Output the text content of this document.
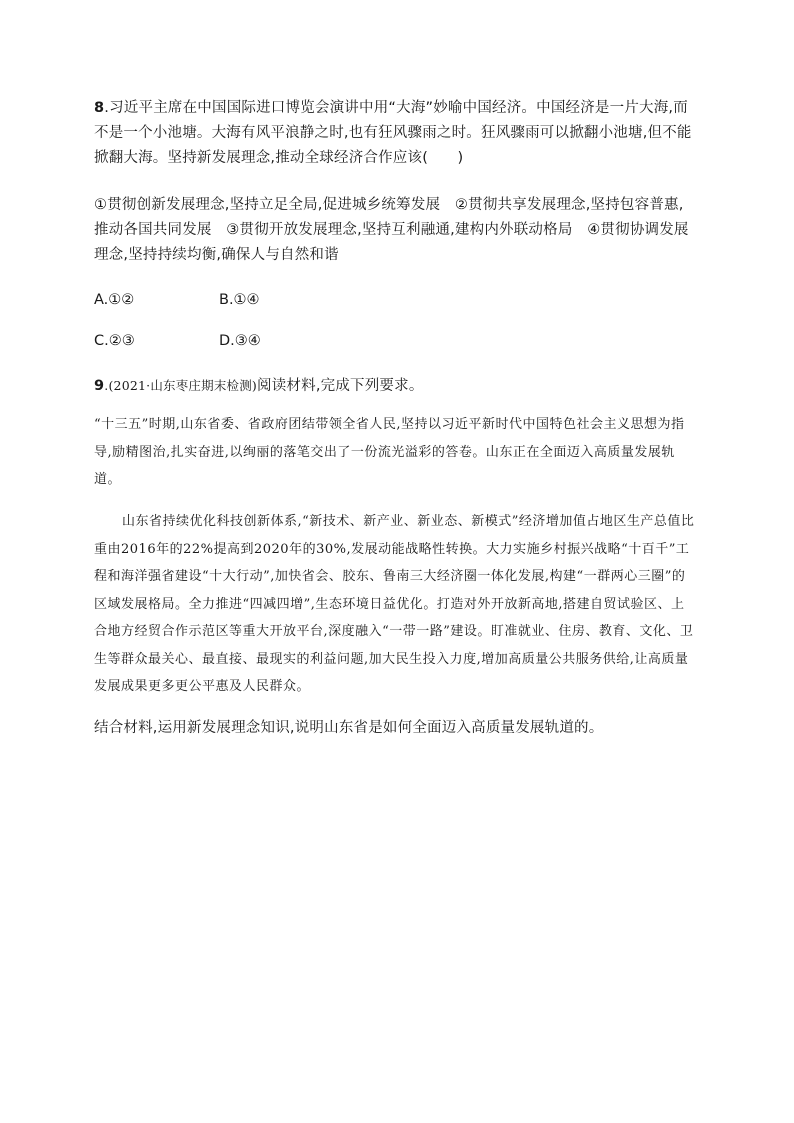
8.习近平主席在中国国际进口博览会演讲中用“大海”妙喻中国经济。中国经济是一片大海,而不是一个小池塘。大海有风平浪静之时,也有狂风骤雨之时。狂风骤雨可以掀翻小池塘,但不能掀翻大海。坚持新发展理念,推动全球经济合作应该(　　)
①贯彻创新发展理念,坚持立足全局,促进城乡统筹发展　②贯彻共享发展理念,坚持包容普惠,推动各国共同发展　③贯彻开放发展理念,坚持互利融通,建构内外联动格局　④贯彻协调发展理念,坚持持续均衡,确保人与自然和谐
A.①②	B.①④
C.②③	D.③④
9.(2021·山东枣庄期末检测)阅读材料,完成下列要求。
“十三五”时期,山东省委、省政府团结带领全省人民,坚持以习近平新时代中国特色社会主义思想为指导,励精图治,扎实奋进,以绚丽的落笔交出了一份流光溢彩的答卷。山东正在全面迈入高质量发展轨道。
山东省持续优化科技创新体系,“新技术、新产业、新业态、新模式”经济增加值占地区生产总值比重由2016年的22%提高到2020年的30%,发展动能战略性转换。大力实施乡村振兴战略“十百千”工程和海洋强省建设“十大行动”,加快省会、胶东、鲁南三大经济圈一体化发展,构建“一群两心三圈”的区域发展格局。全力推进“四减四增”,生态环境日益优化。打造对外开放新高地,搭建自贸试验区、上合地方经贸合作示范区等重大开放平台,深度融入“一带一路”建设。盯准就业、住房、教育、文化、卫生等群众最关心、最直接、最现实的利益问题,加大民生投入力度,增加高质量公共服务供给,让高质量发展成果更多更公平惠及人民群众。
结合材料,运用新发展理念知识,说明山东省是如何全面迈入高质量发展轨道的。
